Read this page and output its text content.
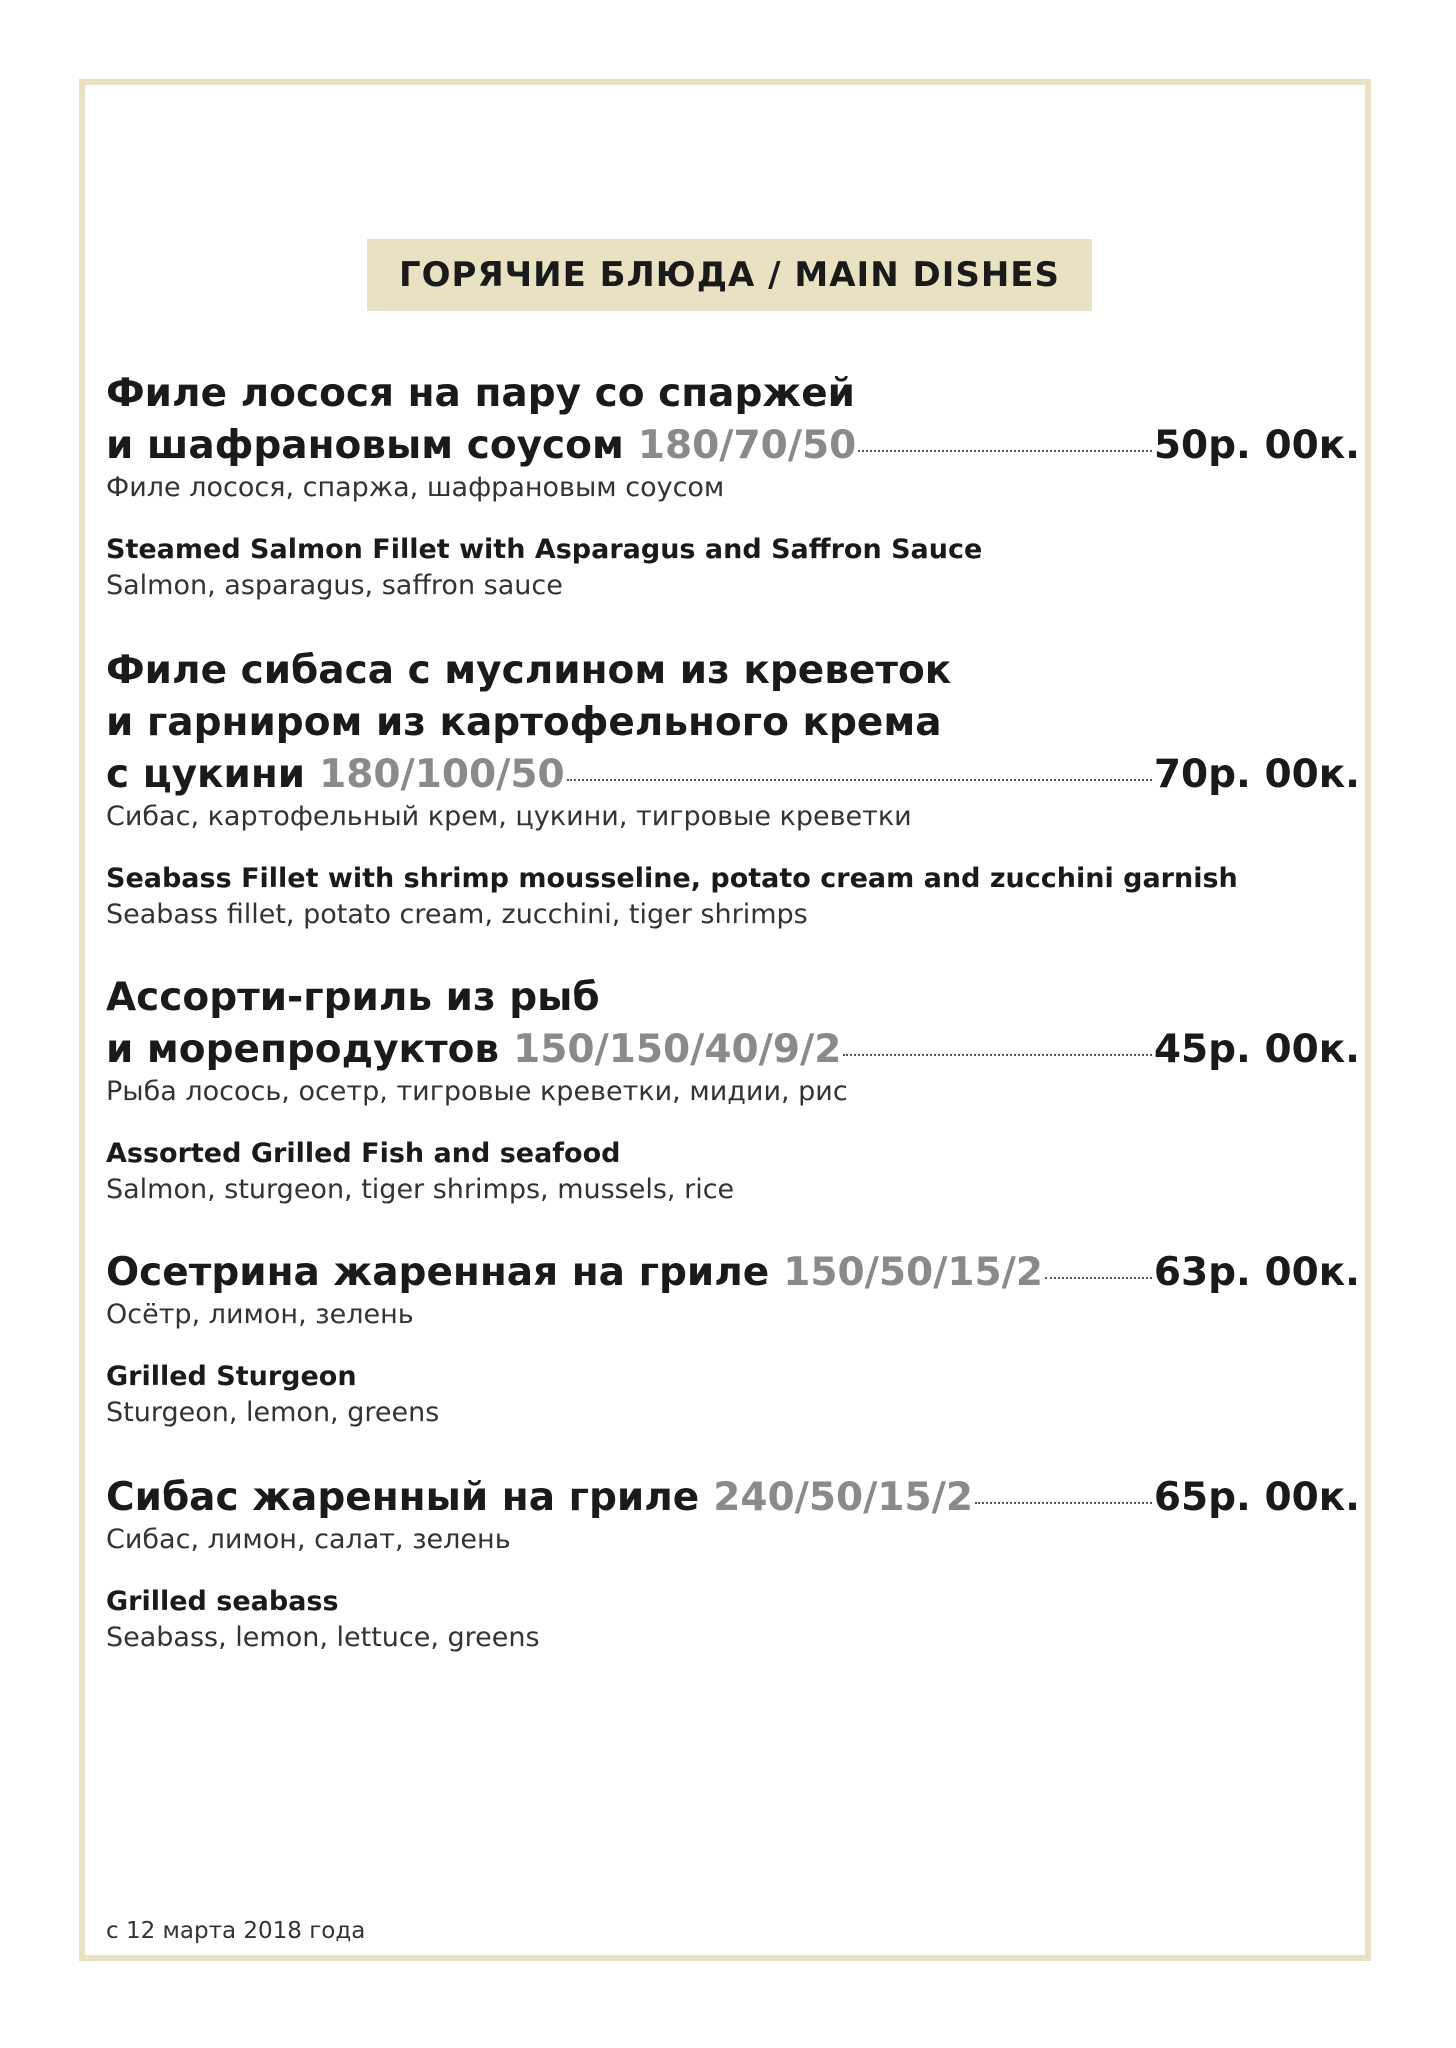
ГОРЯЧИЕ БЛЮДА / MAIN DISHES
Филе лосося на пару со спаржей
и шафрановым соусом 180/70/50	50р. 00к.
Филе лосося, спаржа, шафрановым соусом
Steamed Salmon Fillet with Asparagus and Saffron Sauce
Salmon, asparagus, saffron sauce
Филе сибаса с муслином из креветок
и гарниром из картофельного крема
с цукини 180/100/50	70р. 00к.
Сибас, картофельный крем, цукини, тигровые креветки
Seabass Fillet with shrimp mousseline, potato cream and zucchini garnish
Seabass fillet, potato cream, zucchini, tiger shrimps
Ассорти-гриль из рыб
и морепродуктов 150/150/40/9/2	45р. 00к.
Рыба лосось, осетр, тигровые креветки, мидии, рис
Assorted Grilled Fish and seafood
Salmon, sturgeon, tiger shrimps, mussels, rice
Осетрина жаренная на гриле 150/50/15/2	63р. 00к.
Осётр, лимон, зелень
Grilled Sturgeon
Sturgeon, lemon, greens
Сибас жаренный на гриле 240/50/15/2	65р. 00к.
Сибас, лимон, салат, зелень
Grilled seabass
Seabass, lemon, lettuce, greens
с 12 марта 2018 года
